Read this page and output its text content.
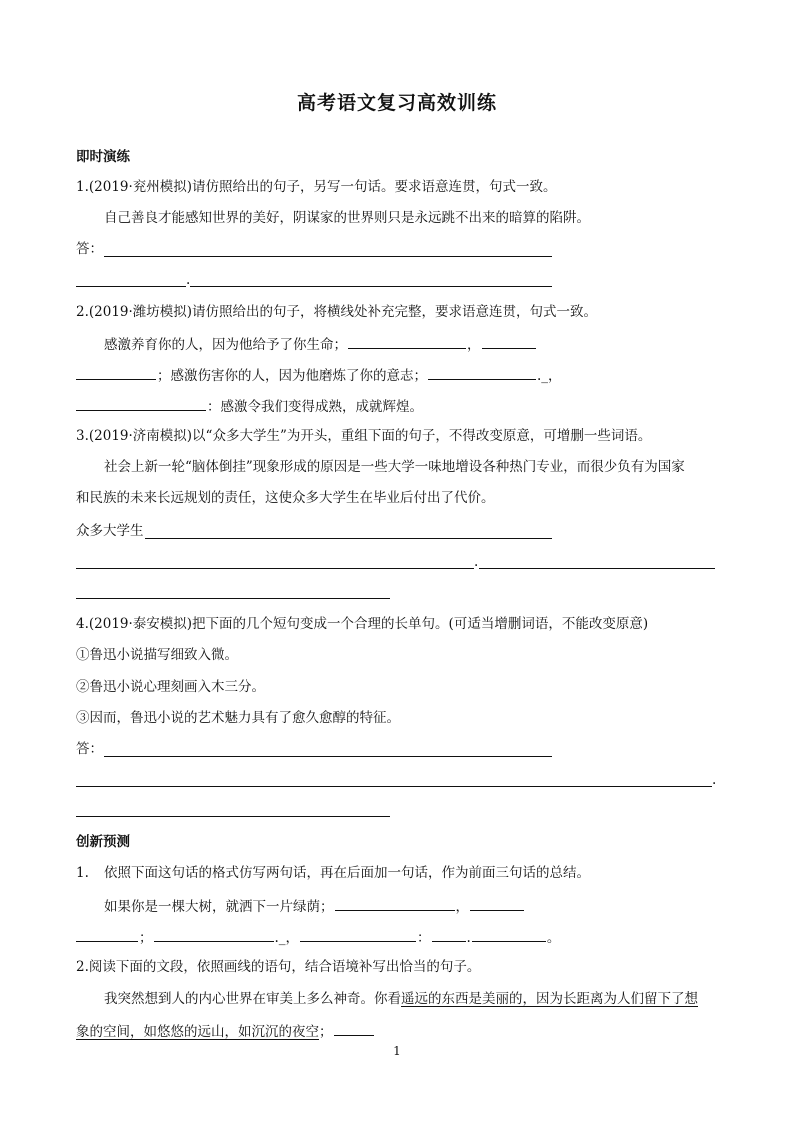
高考语文复习高效训练
即时演练
1.(2019·兖州模拟)请仿照给出的句子，另写一句话。要求语意连贯，句式一致。
自己善良才能感知世界的美好，阴谋家的世界则只是永远跳不出来的暗算的陷阱。
答：
.
2.(2019·潍坊模拟)请仿照给出的句子，将横线处补充完整，要求语意连贯，句式一致。
感激养育你的人，因为他给予了你生命；	，
；感激伤害你的人，因为他磨炼了你的意志；	._，
：感激令我们变得成熟，成就辉煌。
3.(2019·济南模拟)以“众多大学生”为开头，重组下面的句子，不得改变原意，可增删一些词语。
社会上新一轮“脑体倒挂”现象形成的原因是一些大学一味地增设各种热门专业，而很少负有为国家
和民族的未来长远规划的责任，这使众多大学生在毕业后付出了代价。
众多大学生
.
4.(2019·泰安模拟)把下面的几个短句变成一个合理的长单句。(可适当增删词语，不能改变原意)
①鲁迅小说描写细致入微。
②鲁迅小说心理刻画入木三分。
③因而，鲁迅小说的艺术魅力具有了愈久愈醇的特征。
答：
.
创新预测
1. 依照下面这句话的格式仿写两句话，再在后面加一句话，作为前面三句话的总结。
如果你是一棵大树，就洒下一片绿荫；	，
；	._，	：	.	。
2.阅读下面的文段，依照画线的语句，结合语境补写出恰当的句子。
我突然想到人的内心世界在审美上多么神奇。你看遥远的东西是美丽的，因为长距离为人们留下了想
象的空间，如悠悠的远山，如沉沉的夜空；
1
